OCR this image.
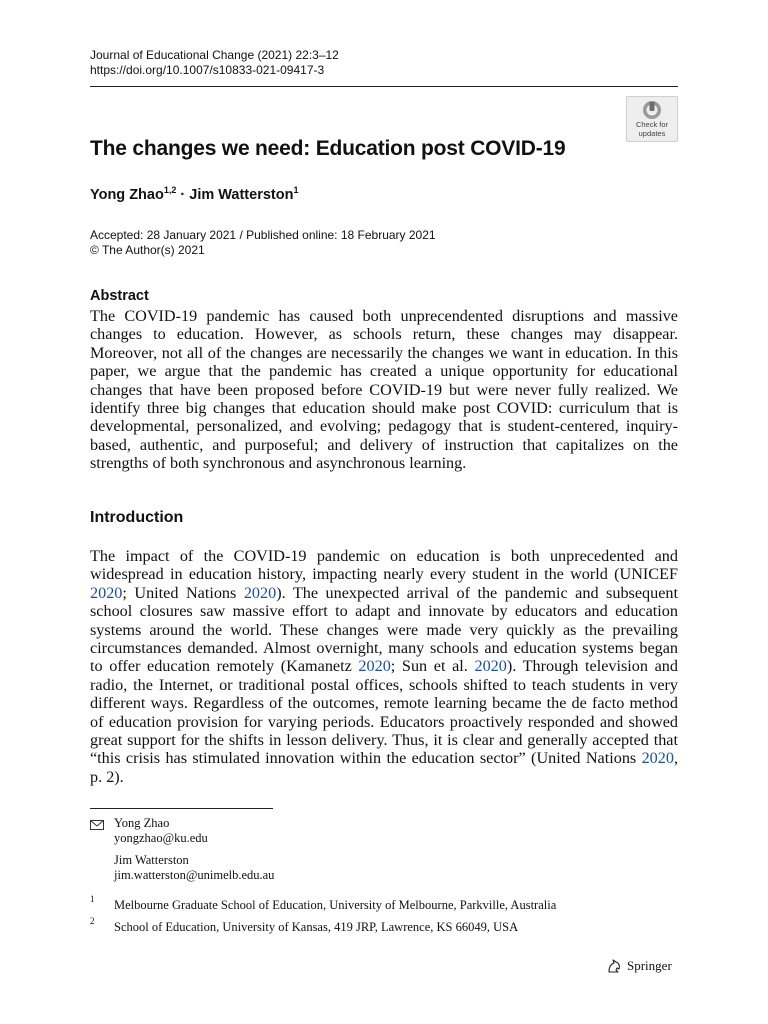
Journal of Educational Change (2021) 22:3–12
https://doi.org/10.1007/s10833-021-09417-3
Check for
updates
The changes we need: Education post COVID-19
Yong Zhao$^{1,2}$ · Jim Watterston$^1$
Accepted: 28 January 2021 / Published online: 18 February 2021
© The Author(s) 2021
Abstract
The COVID-19 pandemic has caused both unprecendented disruptions and massive changes to education. However, as schools return, these changes may disappear. Moreover, not all of the changes are necessarily the changes we want in education. In this paper, we argue that the pandemic has created a unique opportunity for educational changes that have been proposed before COVID-19 but were never fully realized. We identify three big changes that education should make post COVID: curriculum that is developmental, personalized, and evolving; pedagogy that is student-centered, inquiry-based, authentic, and purposeful; and delivery of instruction that capitalizes on the strengths of both synchronous and asynchronous learning.
Introduction
The impact of the COVID-19 pandemic on education is both unprecedented and widespread in education history, impacting nearly every student in the world (UNICEF 2020; United Nations 2020). The unexpected arrival of the pandemic and subsequent school closures saw massive effort to adapt and innovate by educators and education systems around the world. These changes were made very quickly as the prevailing circumstances demanded. Almost overnight, many schools and education systems began to offer education remotely (Kamanetz 2020; Sun et al. 2020). Through television and radio, the Internet, or traditional postal offices, schools shifted to teach students in very different ways. Regardless of the outcomes, remote learning became the de facto method of education provision for varying periods. Educators proactively responded and showed great support for the shifts in lesson delivery. Thus, it is clear and generally accepted that “this crisis has stimulated innovation within the education sector” (United Nations 2020, p. 2).
Yong Zhao
yongzhao@ku.edu
Jim Watterston
jim.watterston@unimelb.edu.au
1 Melbourne Graduate School of Education, University of Melbourne, Parkville, Australia
2 School of Education, University of Kansas, 419 JRP, Lawrence, KS 66049, USA
Springer
